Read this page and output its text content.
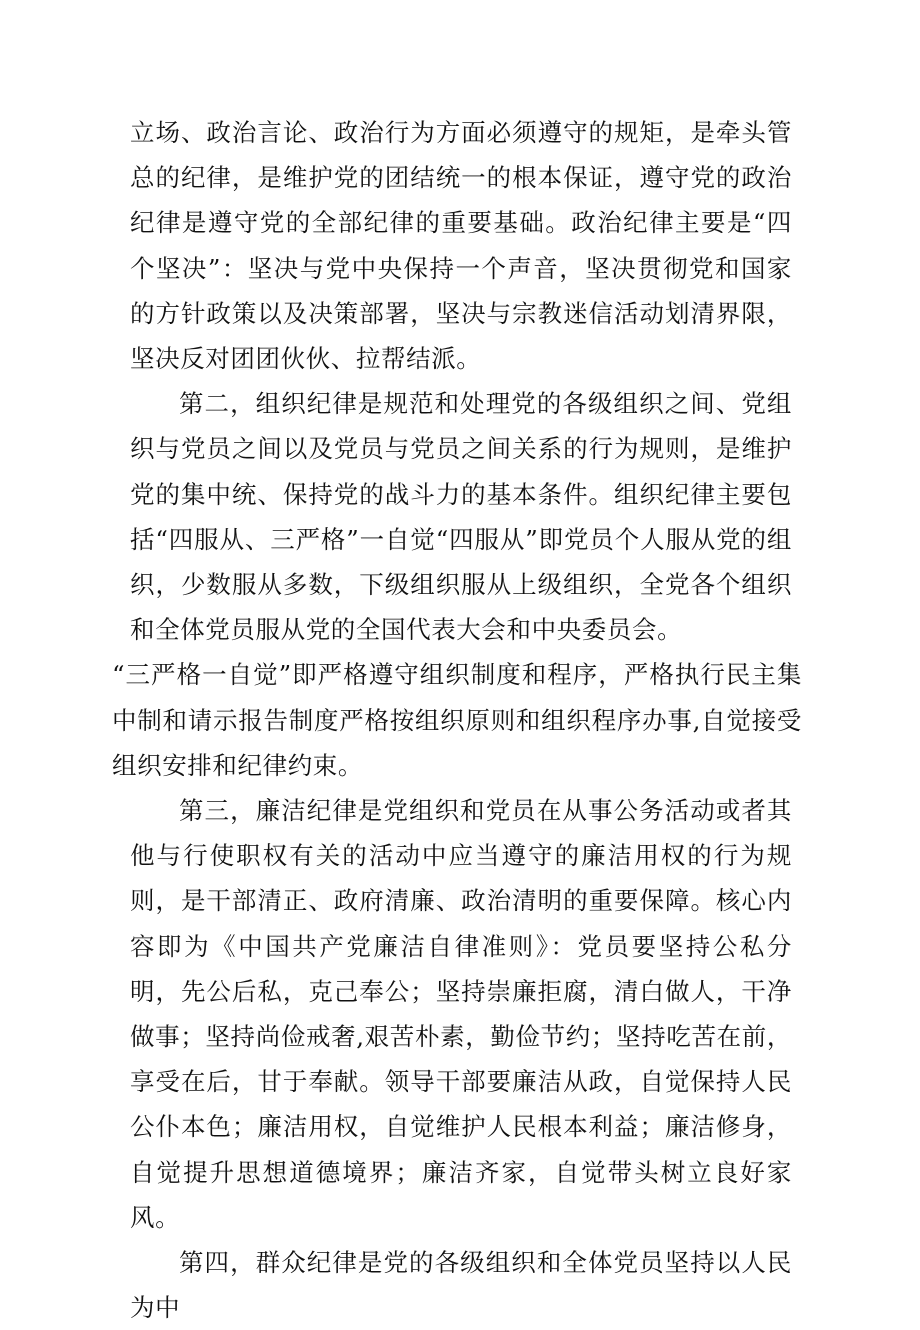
立场、政治言论、政治行为方面必须遵守的规矩，是牵头管总的纪律，是维护党的团结统一的根本保证，遵守党的政治纪律是遵守党的全部纪律的重要基础。政治纪律主要是“四个坚决”：坚决与党中央保持一个声音，坚决贯彻党和国家的方针政策以及决策部署，坚决与宗教迷信活动划清界限，坚决反对团团伙伙、拉帮结派。

第二，组织纪律是规范和处理党的各级组织之间、党组织与党员之间以及党员与党员之间关系的行为规则，是维护党的集中统、保持党的战斗力的基本条件。组织纪律主要包括“四服从、三严格”一自觉“四服从”即党员个人服从党的组织，少数服从多数，下级组织服从上级组织，全党各个组织和全体党员服从党的全国代表大会和中央委员会。

“三严格一自觉”即严格遵守组织制度和程序，严格执行民主集中制和请示报告制度严格按组织原则和组织程序办事,自觉接受组织安排和纪律约束。

第三，廉洁纪律是党组织和党员在从事公务活动或者其他与行使职权有关的活动中应当遵守的廉洁用权的行为规则，是干部清正、政府清廉、政治清明的重要保障。核心内容即为《中国共产党廉洁自律准则》：党员要坚持公私分明，先公后私，克己奉公；坚持崇廉拒腐，清白做人，干净做事；坚持尚俭戒奢,艰苦朴素，勤俭节约；坚持吃苦在前，享受在后，甘于奉献。领导干部要廉洁从政，自觉保持人民公仆本色；廉洁用权，自觉维护人民根本利益；廉洁修身，自觉提升思想道德境界；廉洁齐家，自觉带头树立良好家风。

第四，群众纪律是党的各级组织和全体党员坚持以人民为中
